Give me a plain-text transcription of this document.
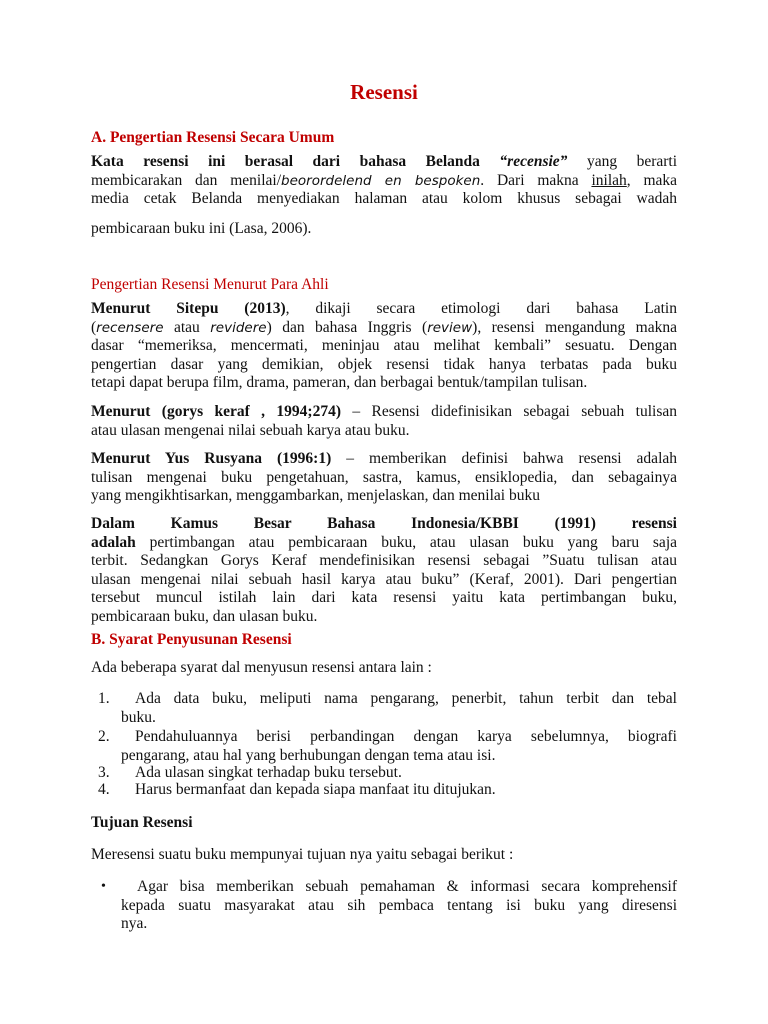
Resensi
A. Pengertian Resensi Secara Umum
Kata resensi ini berasal dari bahasa Belanda “recensie” yang berarti
membicarakan dan menilai/beorordelend en bespoken. Dari makna inilah, maka
media cetak Belanda menyediakan halaman atau kolom khusus sebagai wadah
pembicaraan buku ini (Lasa, 2006).
Pengertian Resensi Menurut Para Ahli
Menurut Sitepu (2013), dikaji secara etimologi dari bahasa Latin
(recensere atau revidere) dan bahasa Inggris (review), resensi mengandung makna
dasar “memeriksa, mencermati, meninjau atau melihat kembali” sesuatu. Dengan
pengertian dasar yang demikian, objek resensi tidak hanya terbatas pada buku
tetapi dapat berupa film, drama, pameran, dan berbagai bentuk/tampilan tulisan.
Menurut (gorys keraf , 1994;274) – Resensi didefinisikan sebagai sebuah tulisan
atau ulasan mengenai nilai sebuah karya atau buku.
Menurut Yus Rusyana (1996:1) – memberikan definisi bahwa resensi adalah
tulisan mengenai buku pengetahuan, sastra, kamus, ensiklopedia, dan sebagainya
yang mengikhtisarkan, menggambarkan, menjelaskan, dan menilai buku
Dalam Kamus Besar Bahasa Indonesia/KBBI (1991) resensi
adalah pertimbangan atau pembicaraan buku, atau ulasan buku yang baru saja
terbit. Sedangkan Gorys Keraf mendefinisikan resensi sebagai ”Suatu tulisan atau
ulasan mengenai nilai sebuah hasil karya atau buku” (Keraf, 2001). Dari pengertian
tersebut muncul istilah lain dari kata resensi yaitu kata pertimbangan buku,
pembicaraan buku, dan ulasan buku.
B. Syarat Penyusunan Resensi
Ada beberapa syarat dal menyusun resensi antara lain :
1.	Ada data buku, meliputi nama pengarang, penerbit, tahun terbit dan tebal
buku.
2.	Pendahuluannya berisi perbandingan dengan karya sebelumnya, biografi
pengarang, atau hal yang berhubungan dengan tema atau isi.
3.	Ada ulasan singkat terhadap buku tersebut.
4.	Harus bermanfaat dan kepada siapa manfaat itu ditujukan.
Tujuan Resensi
Meresensi suatu buku mempunyai tujuan nya yaitu sebagai berikut :
•	Agar bisa memberikan sebuah pemahaman & informasi secara komprehensif
kepada suatu masyarakat atau sih pembaca tentang isi buku yang diresensi
nya.
